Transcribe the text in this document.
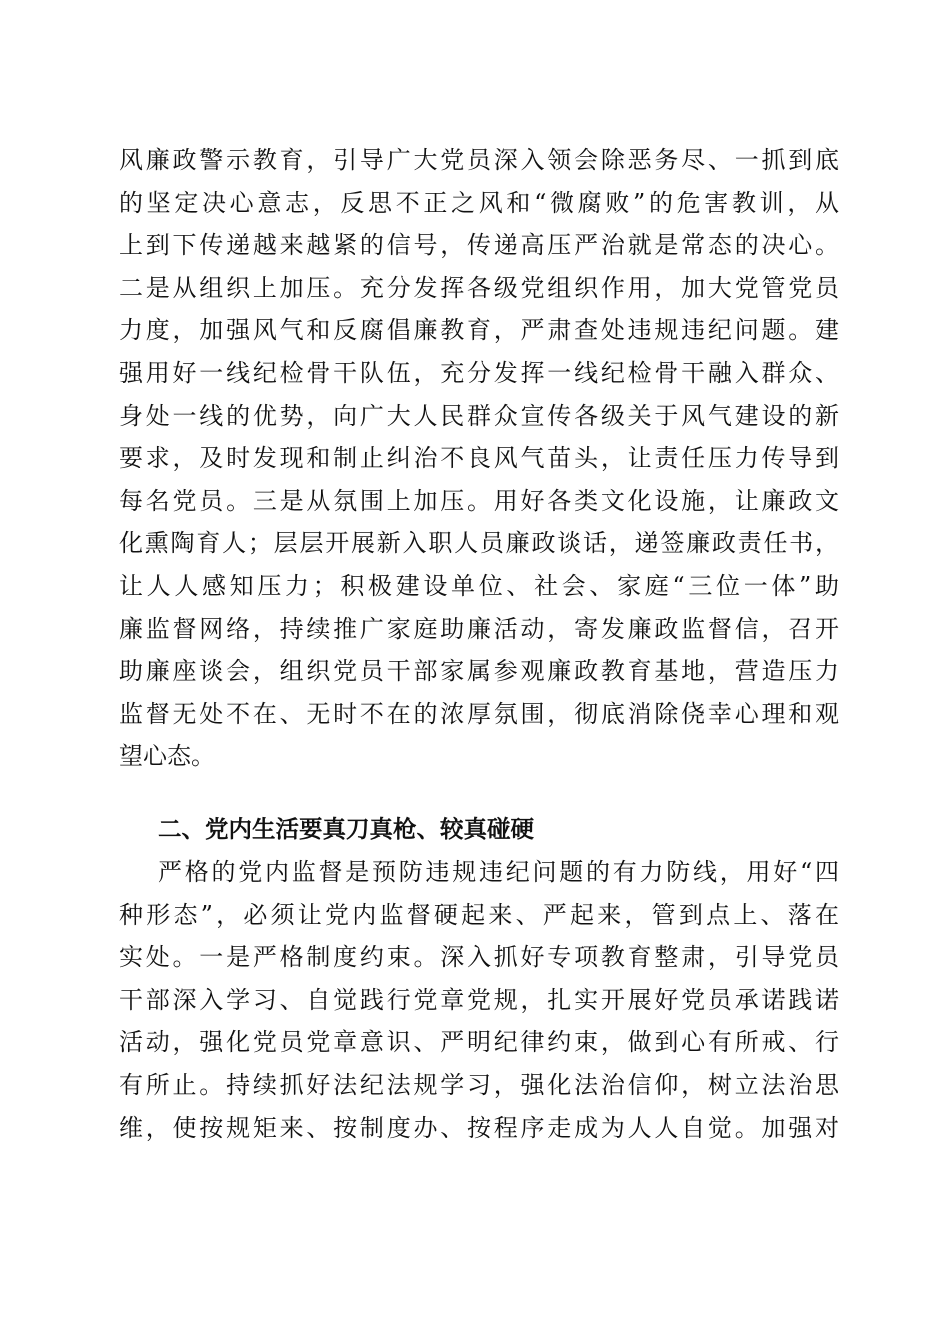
风廉政警示教育，引导广大党员深入领会除恶务尽、一抓到底
的坚定决心意志，反思不正之风和“微腐败”的危害教训，从
上到下传递越来越紧的信号，传递高压严治就是常态的决心。
二是从组织上加压。充分发挥各级党组织作用，加大党管党员
力度，加强风气和反腐倡廉教育，严肃查处违规违纪问题。建
强用好一线纪检骨干队伍，充分发挥一线纪检骨干融入群众、
身处一线的优势，向广大人民群众宣传各级关于风气建设的新
要求，及时发现和制止纠治不良风气苗头，让责任压力传导到
每名党员。三是从氛围上加压。用好各类文化设施，让廉政文
化熏陶育人；层层开展新入职人员廉政谈话，递签廉政责任书，
让人人感知压力；积极建设单位、社会、家庭“三位一体”助
廉监督网络，持续推广家庭助廉活动，寄发廉政监督信，召开
助廉座谈会，组织党员干部家属参观廉政教育基地，营造压力
监督无处不在、无时不在的浓厚氛围，彻底消除侥幸心理和观
望心态。
二、党内生活要真刀真枪、较真碰硬
严格的党内监督是预防违规违纪问题的有力防线，用好“四
种形态”，必须让党内监督硬起来、严起来，管到点上、落在
实处。一是严格制度约束。深入抓好专项教育整肃，引导党员
干部深入学习、自觉践行党章党规，扎实开展好党员承诺践诺
活动，强化党员党章意识、严明纪律约束，做到心有所戒、行
有所止。持续抓好法纪法规学习，强化法治信仰，树立法治思
维，使按规矩来、按制度办、按程序走成为人人自觉。加强对
